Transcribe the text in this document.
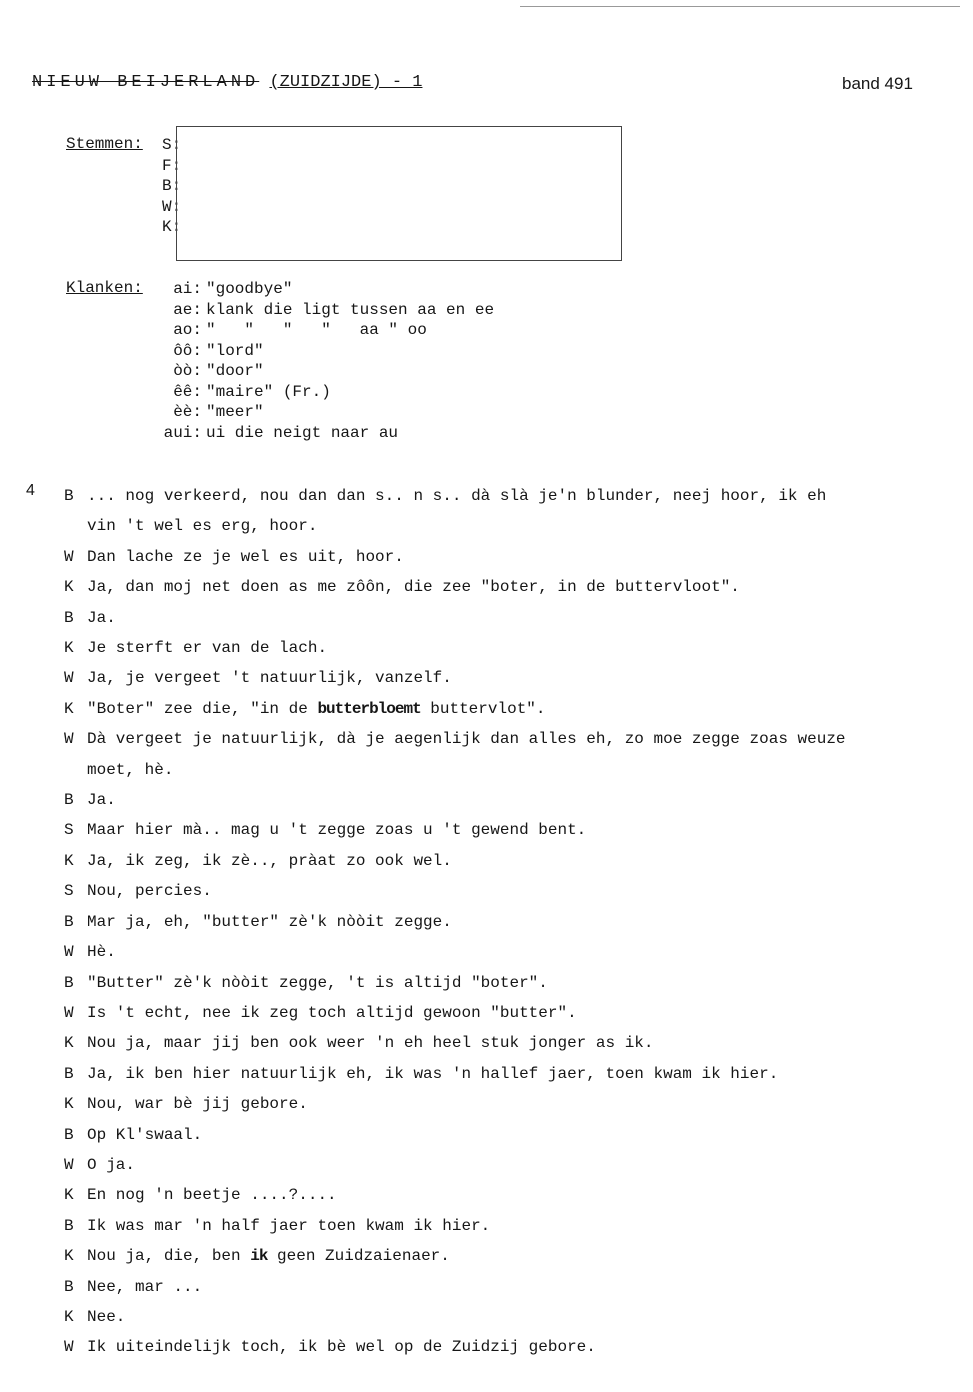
NIEUW BEIJERLAND (ZUIDZIJDE) - 1	band 491
Stemmen: S:
F:
B:
W:
K:
Klanken:	ai: "goodbye"
ae: klank die ligt tussen aa en ee
ao: "   "   "   "   aa " oo
ôô: "lord"
òò: "door"
êê: "maire" (Fr.)
èè: "meer"
aui: ui die neigt naar au
4 B ... nog verkeerd, nou dan dan s.. n s.. dà slà je'n blunder, neej hoor, ik eh
vin 't wel es erg, hoor.
W Dan lache ze je wel es uit, hoor.
K Ja, dan moj net doen as me zôôn, die zee "boter, in de buttervloot".
B Ja.
K Je sterft er van de lach.
W Ja, je vergeet 't natuurlijk, vanzelf.
K "Boter" zee die, "in de butterbloemt buttervlot".
W Dà vergeet je natuurlijk, dà je aegenlijk dan alles eh, zo moe zegge zoas weuze
moet, hè.
B Ja.
S Maar hier mà.. mag u 't zegge zoas u 't gewend bent.
K Ja, ik zeg, ik zè.., pràat zo ook wel.
S Nou, percies.
B Mar ja, eh, "butter" zè'k nòòit zegge.
W Hè.
B "Butter" zè'k nòòit zegge, 't is altijd "boter".
W Is 't echt, nee ik zeg toch altijd gewoon "butter".
K Nou ja, maar jij ben ook weer 'n eh heel stuk jonger as ik.
B Ja, ik ben hier natuurlijk eh, ik was 'n hallef jaer, toen kwam ik hier.
K Nou, war bè jij gebore.
B Op Kl'swaal.
W O ja.
K En nog 'n beetje ....?....
B Ik was mar 'n half jaer toen kwam ik hier.
K Nou ja, die, ben ik geen Zuidzaienaer.
B Nee, mar ...
K Nee.
W Ik uiteindelijk toch, ik bè wel op de Zuidzij gebore.
